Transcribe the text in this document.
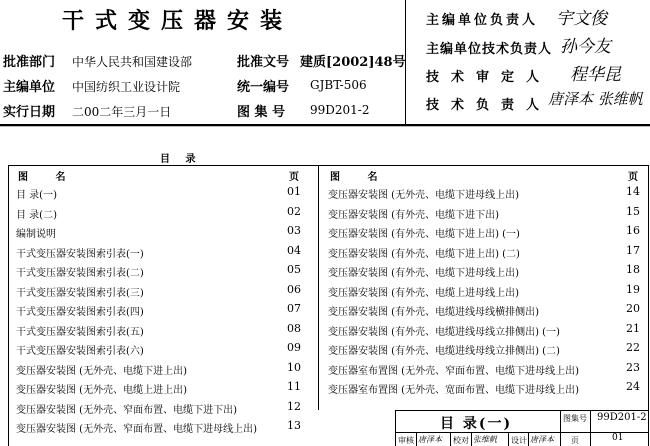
干式变压器安装
批准部门 中华人民共和国建设部
主编单位 中国纺织工业设计院
实行日期 二00二年三月一日
批准文号 建质[2002]48号
统一编号 GJBT-506
图 集 号 99D201-2
主编单位负责人 宇文俊
主编单位技术负责人 孙今友
技术审定人 程华昆
技术负责人
唐泽本 张维帆
目 录
图 名	页	图 名	页
目 录(一)	01
目 录(二)	02
编制说明	03
干式变压器安装图索引表(一)	04
干式变压器安装图索引表(二)	05
干式变压器安装图索引表(三)	06
干式变压器安装图索引表(四)	07
干式变压器安装图索引表(五)	08
干式变压器安装图索引表(六)	09
变压器安装图 (无外壳、电缆下进上出)	10
变压器安装图 (无外壳、电缆上进上出)	11
变压器安装图 (无外壳、窄面布置、电缆下进下出)	12
变压器安装图 (无外壳、窄面布置、电缆下进母线上出)	13
变压器安装图 (无外壳、电缆下进母线上出)	14
变压器安装图 (有外壳、电缆下进下出)	15
变压器安装图 (有外壳、电缆下进上出) (一)	16
变压器安装图 (有外壳、电缆下进上出) (二)	17
变压器安装图 (有外壳、电缆下进母线上出)	18
变压器安装图 (有外壳、电缆上进母线上出)	19
变压器安装图 (有外壳、电缆进线母线横排侧出)	20
变压器安装图 (有外壳、电缆进线母线立排侧出) (一)	21
变压器安装图 (有外壳、电缆进线母线立排侧出) (二)	22
变压器室布置图 (无外壳、窄面布置、电缆下进母线上出)	23
变压器室布置图 (无外壳、宽面布置、电缆下进母线上出)	24
目 录(一)	图集号 99D201-2
审核 唐泽本 校对 张维帆 设计 唐泽本 页	01
